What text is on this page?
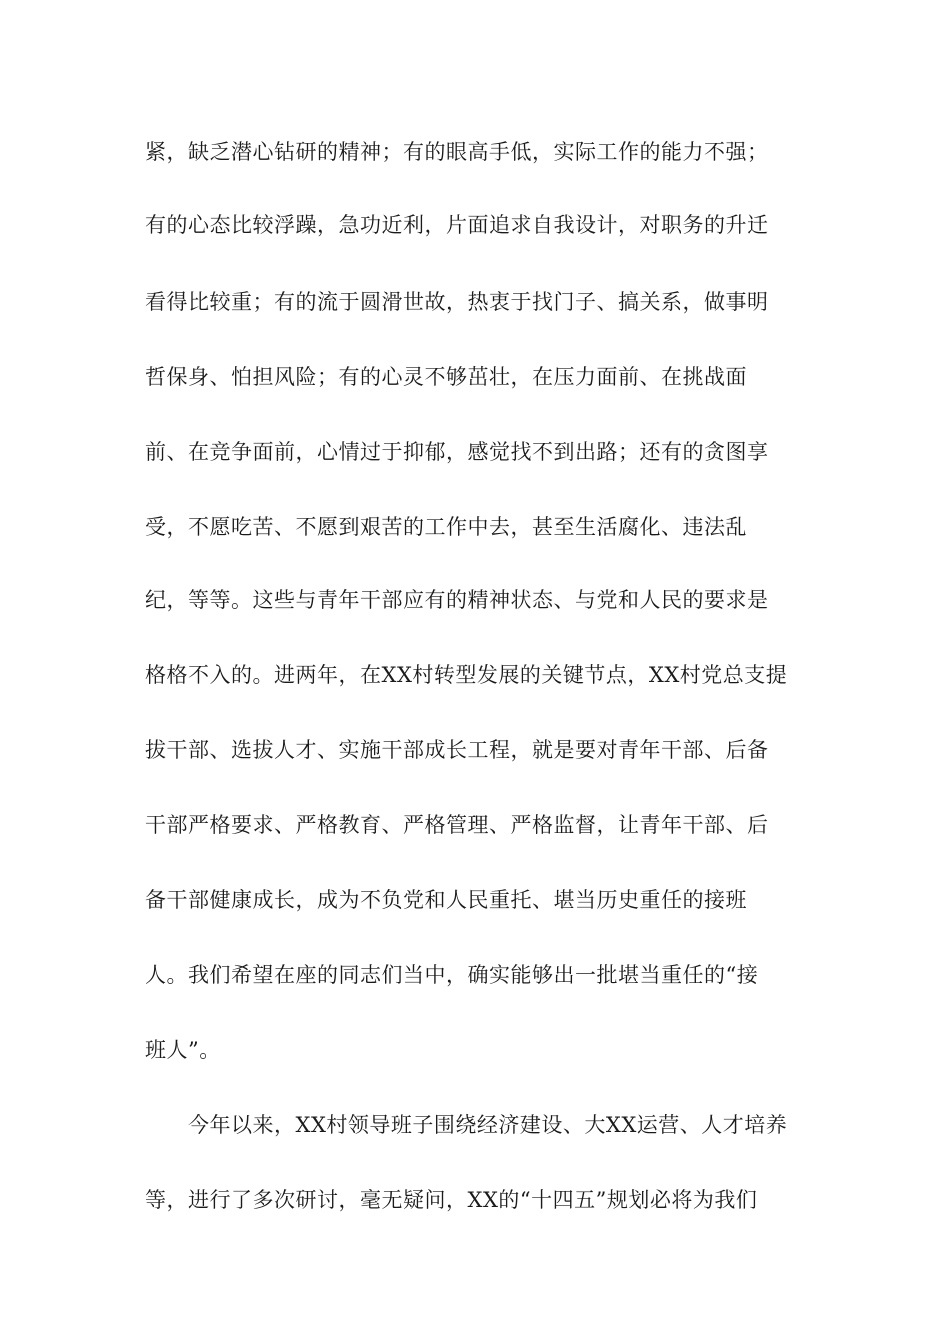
紧，缺乏潜心钻研的精神；有的眼高手低，实际工作的能力不强；
有的心态比较浮躁，急功近利，片面追求自我设计，对职务的升迁
看得比较重；有的流于圆滑世故，热衷于找门子、搞关系，做事明
哲保身、怕担风险；有的心灵不够茁壮，在压力面前、在挑战面
前、在竞争面前，心情过于抑郁，感觉找不到出路；还有的贪图享
受，不愿吃苦、不愿到艰苦的工作中去，甚至生活腐化、违法乱
纪，等等。这些与青年干部应有的精神状态、与党和人民的要求是
格格不入的。进两年，在XX村转型发展的关键节点，XX村党总支提
拔干部、选拔人才、实施干部成长工程，就是要对青年干部、后备
干部严格要求、严格教育、严格管理、严格监督，让青年干部、后
备干部健康成长，成为不负党和人民重托、堪当历史重任的接班
人。我们希望在座的同志们当中，确实能够出一批堪当重任的“接
班人”。
今年以来，XX村领导班子围绕经济建设、大XX运营、人才培养
等，进行了多次研讨，毫无疑问，XX的“十四五”规划必将为我们
